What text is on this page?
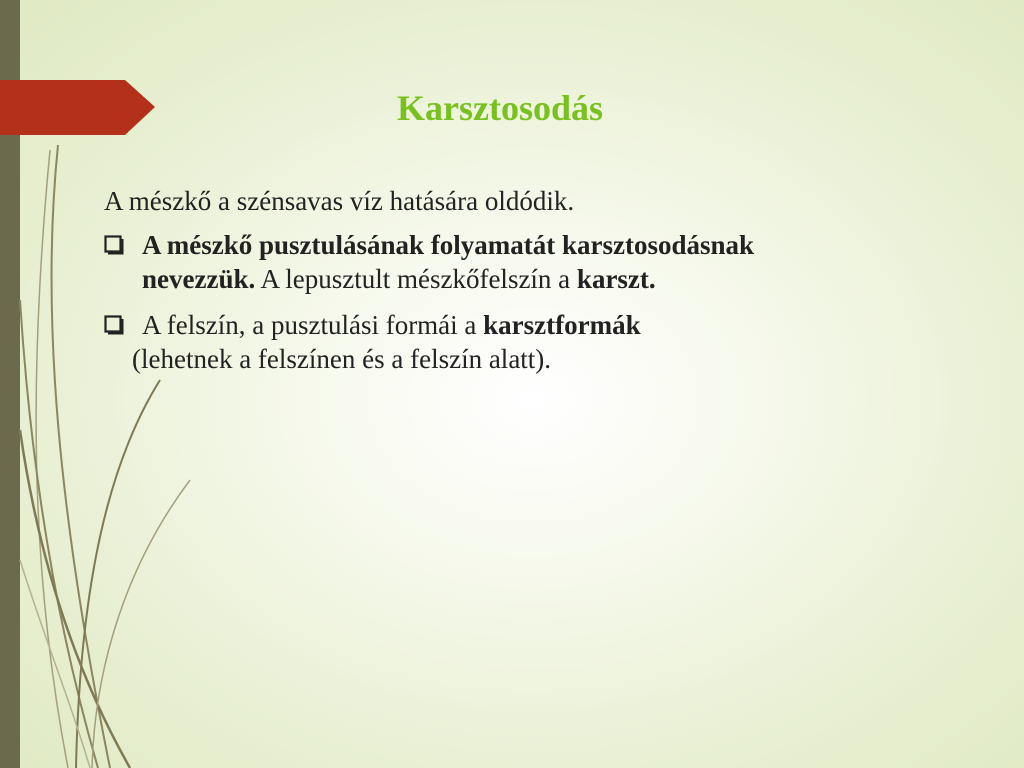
Karsztosodás

A mészkő a szénsavas víz hatására oldódik.

A mészkő pusztulásának folyamatát karsztosodásnak nevezzük. A lepusztult mészkőfelszín a karszt.
A felszín, a pusztulási formái a karsztformák
(lehetnek a felszínen és a felszín alatt).
